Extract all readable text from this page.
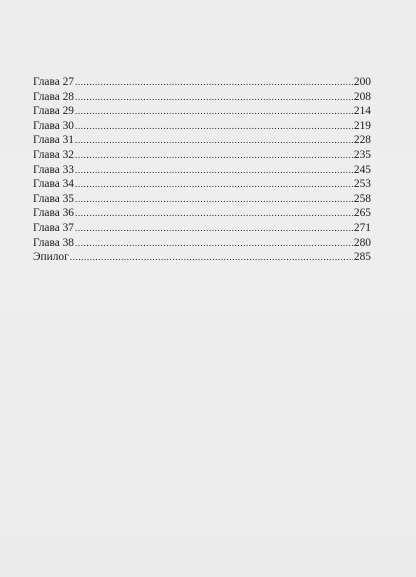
Глава 27 .....	200
Глава 28 .....	208
Глава 29 .....	214
Глава 30 .....	219
Глава 31 .....	228
Глава 32 .....	235
Глава 33 .....	245
Глава 34 .....	253
Глава 35 .....	258
Глава 36 .....	265
Глава 37 .....	271
Глава 38 .....	280
Эпилог .....	285
